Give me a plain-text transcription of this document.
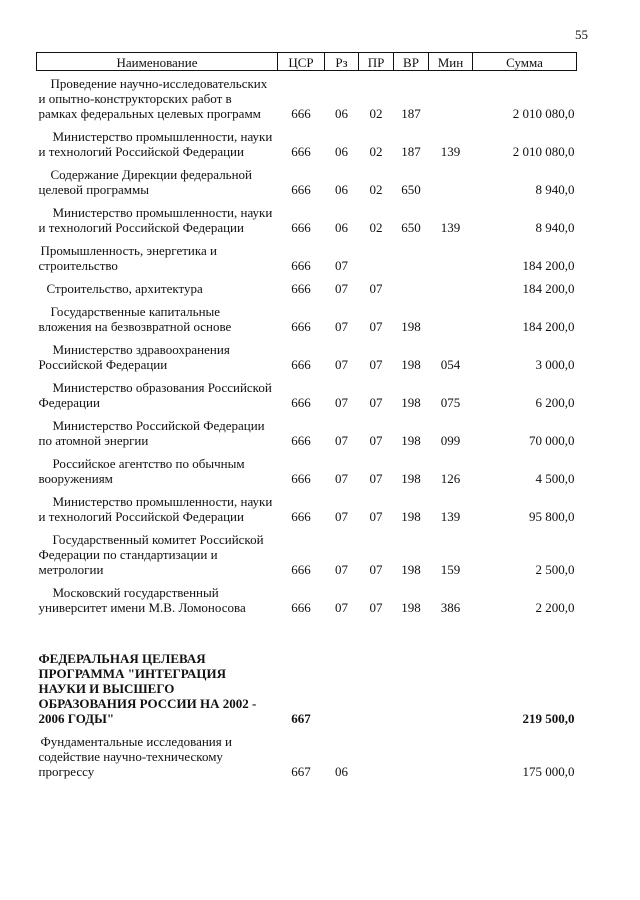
55
Наименование	ЦСР	Рз	ПР	ВР	Мин	Сумма

Проведение научно-исследовательских и опытно-конструкторских работ в рамках федеральных целевых программ	666	06	02	187		2 010 080,0

Министерство промышленности, науки и технологий Российской Федерации	666	06	02	187	139	2 010 080,0

Содержание Дирекции федеральной целевой программы	666	06	02	650		8 940,0

Министерство промышленности, науки и технологий Российской Федерации	666	06	02	650	139	8 940,0

Промышленность, энергетика и строительство	666	07				184 200,0

Строительство, архитектура	666	07	07			184 200,0

Государственные капитальные вложения на безвозвратной основе	666	07	07	198		184 200,0

Министерство здравоохранения Российской Федерации	666	07	07	198	054	3 000,0

Министерство образования Российской Федерации	666	07	07	198	075	6 200,0

Министерство Российской Федерации по атомной энергии	666	07	07	198	099	70 000,0

Российское агентство по обычным вооружениям	666	07	07	198	126	4 500,0

Министерство промышленности, науки и технологий Российской Федерации	666	07	07	198	139	95 800,0

Государственный комитет Российской Федерации по стандартизации и метрологии	666	07	07	198	159	2 500,0

Московский государственный университет имени М.В. Ломоносова	666	07	07	198	386	2 200,0

ФЕДЕРАЛЬНАЯ ЦЕЛЕВАЯ ПРОГРАММА "ИНТЕГРАЦИЯ НАУКИ И ВЫСШЕГО ОБРАЗОВАНИЯ РОССИИ НА 2002 - 2006 ГОДЫ"	667					219 500,0

Фундаментальные исследования и содействие научно-техническому прогрессу	667	06				175 000,0
